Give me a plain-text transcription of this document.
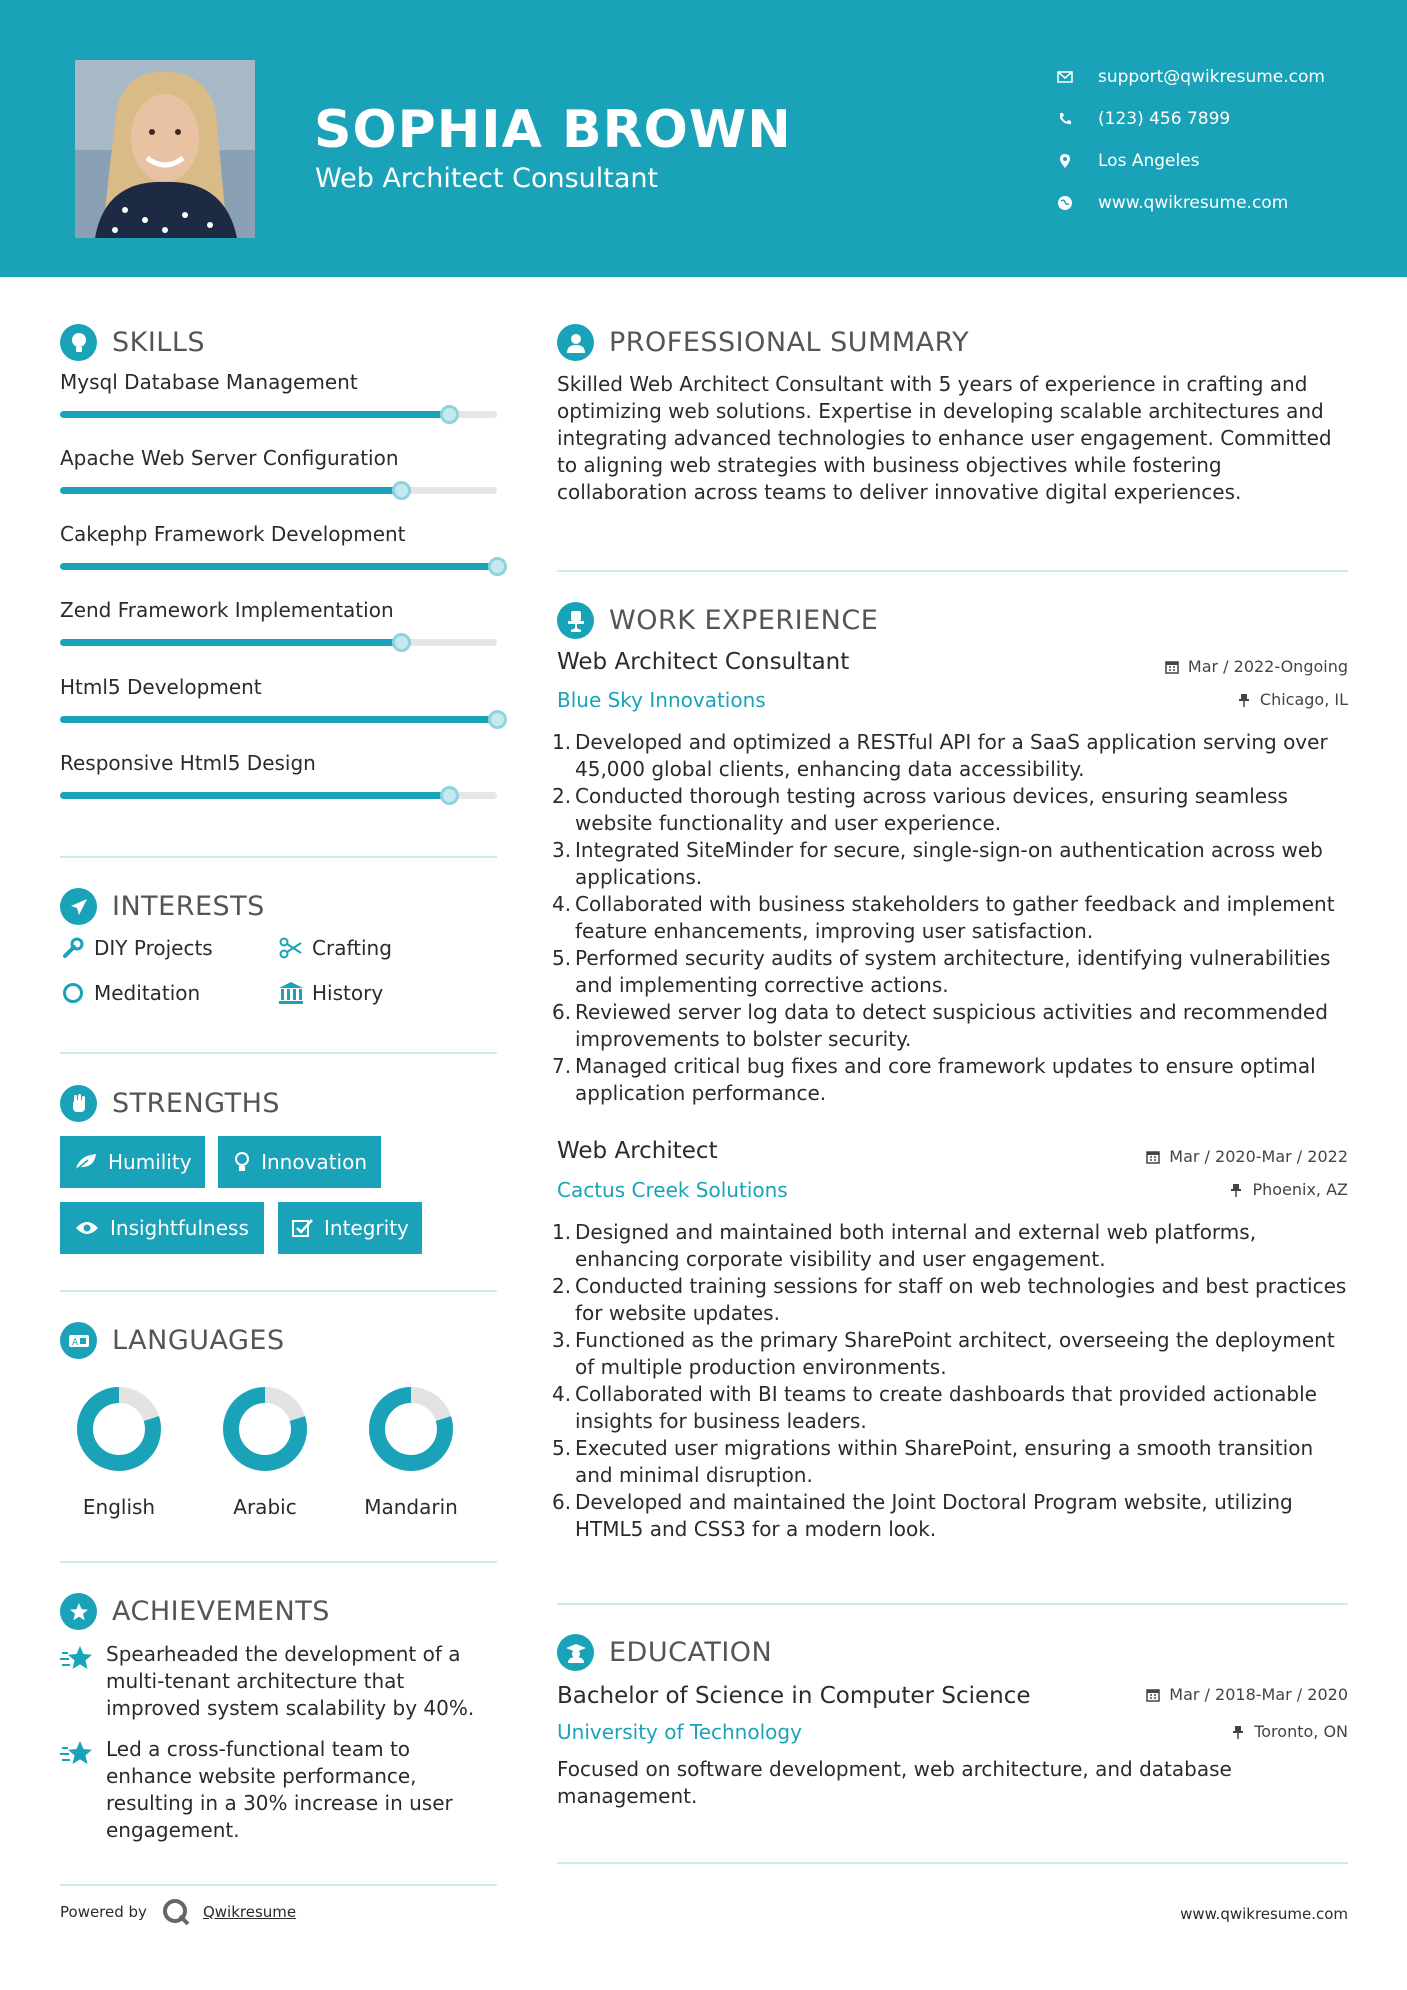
SOPHIA BROWN
Web Architect Consultant
support@qwikresume.com
(123) 456 7899
Los Angeles
www.qwikresume.com
SKILLS
Mysql Database Management
Apache Web Server Configuration
Cakephp Framework Development
Zend Framework Implementation
Html5 Development
Responsive Html5 Design
INTERESTS
DIY Projects	Crafting
Meditation	History
STRENGTHS
Humility	Innovation
Insightfulness	Integrity
A LANGUAGES
English	Arabic	Mandarin
ACHIEVEMENTS
Spearheaded the development of a multi-tenant architecture that improved system scalability by 40%.
Led a cross-functional team to enhance website performance, resulting in a 30% increase in user engagement.
PROFESSIONAL SUMMARY
Skilled Web Architect Consultant with 5 years of experience in crafting and optimizing web solutions. Expertise in developing scalable architectures and integrating advanced technologies to enhance user engagement. Committed to aligning web strategies with business objectives while fostering collaboration across teams to deliver innovative digital experiences.
WORK EXPERIENCE
Web Architect Consultant	Mar / 2022-Ongoing
Blue Sky Innovations	Chicago, IL
1. Developed and optimized a RESTful API for a SaaS application serving over 45,000 global clients, enhancing data accessibility.
2. Conducted thorough testing across various devices, ensuring seamless website functionality and user experience.
3. Integrated SiteMinder for secure, single-sign-on authentication across web applications.
4. Collaborated with business stakeholders to gather feedback and implement feature enhancements, improving user satisfaction.
5. Performed security audits of system architecture, identifying vulnerabilities and implementing corrective actions.
6. Reviewed server log data to detect suspicious activities and recommended improvements to bolster security.
7. Managed critical bug fixes and core framework updates to ensure optimal application performance.
Web Architect	Mar / 2020-Mar / 2022
Cactus Creek Solutions	Phoenix, AZ
1. Designed and maintained both internal and external web platforms, enhancing corporate visibility and user engagement.
2. Conducted training sessions for staff on web technologies and best practices for website updates.
3. Functioned as the primary SharePoint architect, overseeing the deployment of multiple production environments.
4. Collaborated with BI teams to create dashboards that provided actionable insights for business leaders.
5. Executed user migrations within SharePoint, ensuring a smooth transition and minimal disruption.
6. Developed and maintained the Joint Doctoral Program website, utilizing HTML5 and CSS3 for a modern look.
EDUCATION
Bachelor of Science in Computer Science	Mar / 2018-Mar / 2020
University of Technology	Toronto, ON
Focused on software development, web architecture, and database management.
Powered by	Qwikresume	www.qwikresume.com
